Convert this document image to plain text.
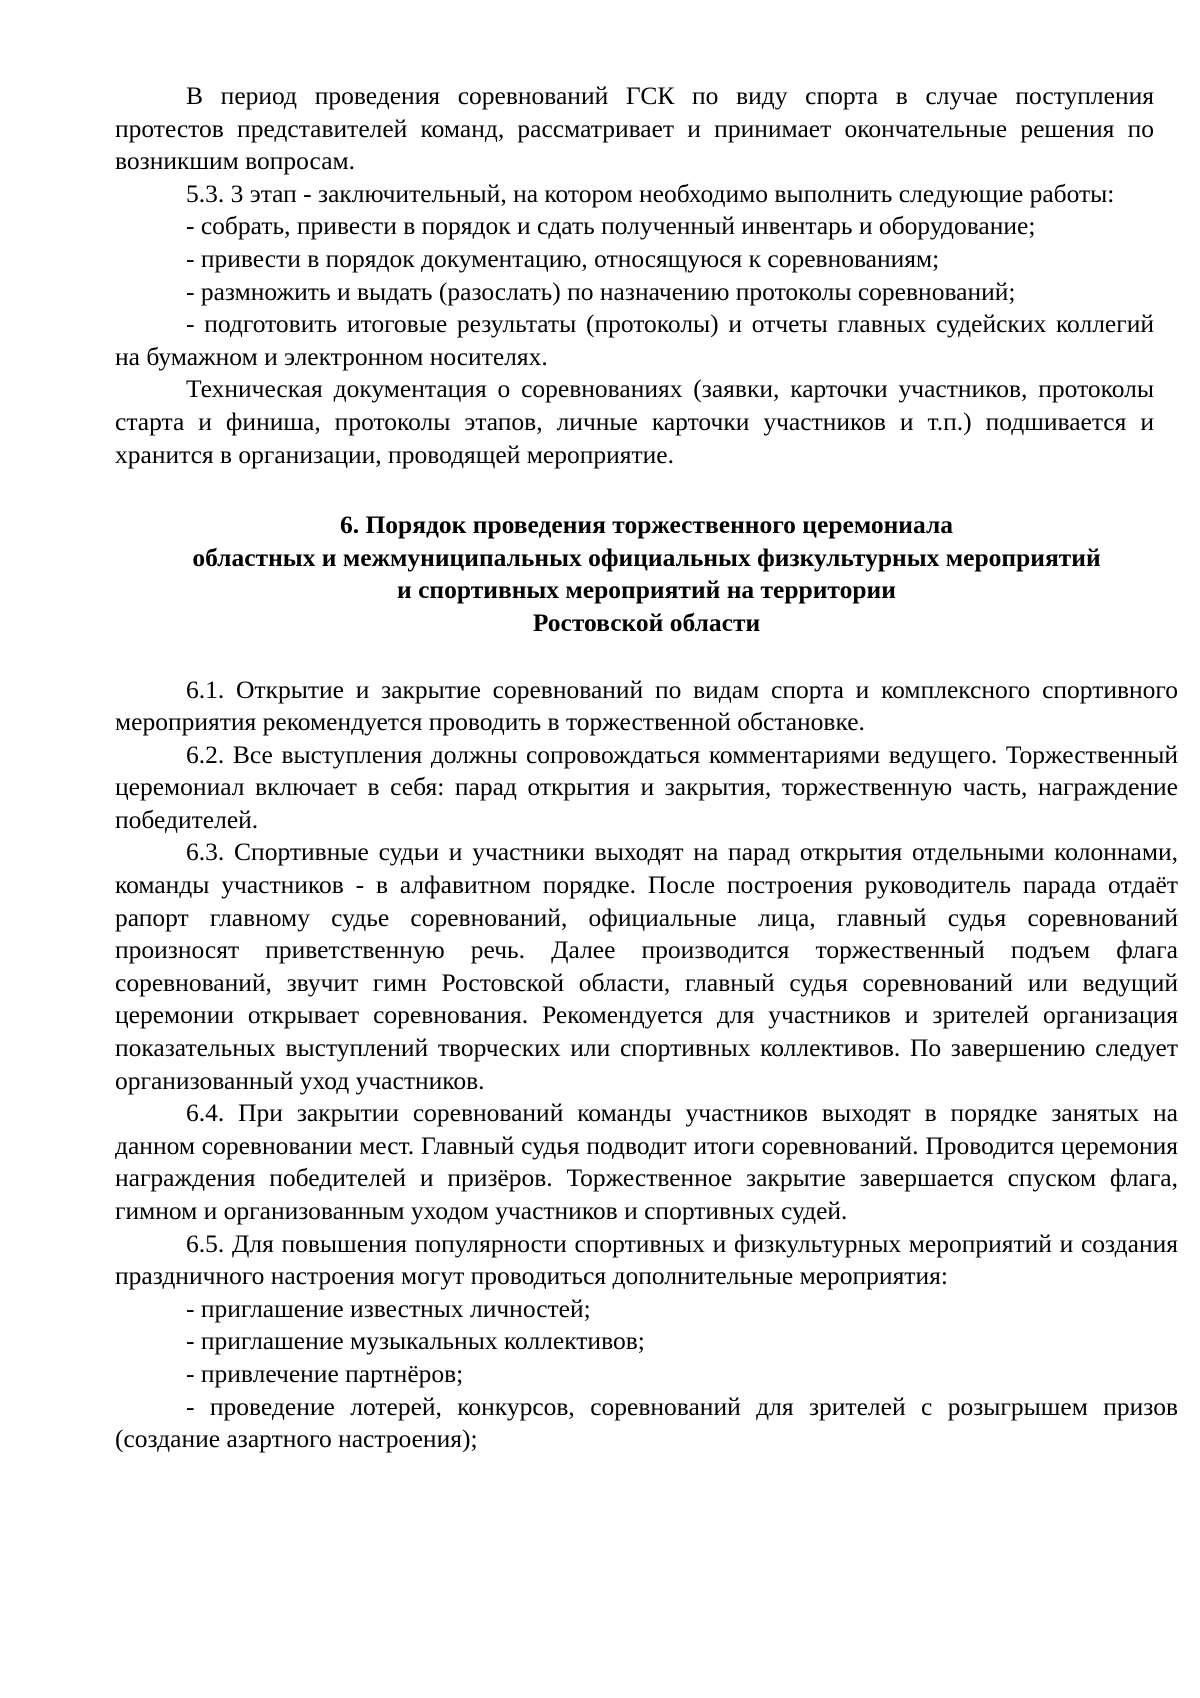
В период проведения соревнований ГСК по виду спорта в случае поступления протестов представителей команд, рассматривает и принимает окончательные решения по возникшим вопросам.

5.3. 3 этап - заключительный, на котором необходимо выполнить следующие работы:

- собрать, привести в порядок и сдать полученный инвентарь и оборудование;

- привести в порядок документацию, относящуюся к соревнованиям;

- размножить и выдать (разослать) по назначению протоколы соревнований;

- подготовить итоговые результаты (протоколы) и отчеты главных судейских коллегий на бумажном и электронном носителях.

Техническая документация о соревнованиях (заявки, карточки участников, протоколы старта и финиша, протоколы этапов, личные карточки участников и т.п.) подшивается и хранится в организации, проводящей мероприятие.

6. Порядок проведения торжественного церемониала
областных и межмуниципальных официальных физкультурных мероприятий
и спортивных мероприятий на территории
Ростовской области

6.1. Открытие и закрытие соревнований по видам спорта и комплексного спортивного мероприятия рекомендуется проводить в торжественной обстановке.

6.2. Все выступления должны сопровождаться комментариями ведущего. Торжественный церемониал включает в себя: парад открытия и закрытия, торжественную часть, награждение победителей.

6.3. Спортивные судьи и участники выходят на парад открытия отдельными колоннами, команды участников - в алфавитном порядке. После построения руководитель парада отдаёт рапорт главному судье соревнований, официальные лица, главный судья соревнований произносят приветственную речь. Далее производится торжественный подъем флага соревнований, звучит гимн Ростовской области, главный судья соревнований или ведущий церемонии открывает соревнования. Рекомендуется для участников и зрителей организация показательных выступлений творческих или спортивных коллективов. По завершению следует организованный уход участников.

6.4. При закрытии соревнований команды участников выходят в порядке занятых на данном соревновании мест. Главный судья подводит итоги соревнований. Проводится церемония награждения победителей и призёров. Торжественное закрытие завершается спуском флага, гимном и организованным уходом участников и спортивных судей.

6.5. Для повышения популярности спортивных и физкультурных мероприятий и создания праздничного настроения могут проводиться дополнительные мероприятия:

- приглашение известных личностей;

- приглашение музыкальных коллективов;

- привлечение партнёров;

- проведение лотерей, конкурсов, соревнований для зрителей с розыгрышем призов (создание азартного настроения);
